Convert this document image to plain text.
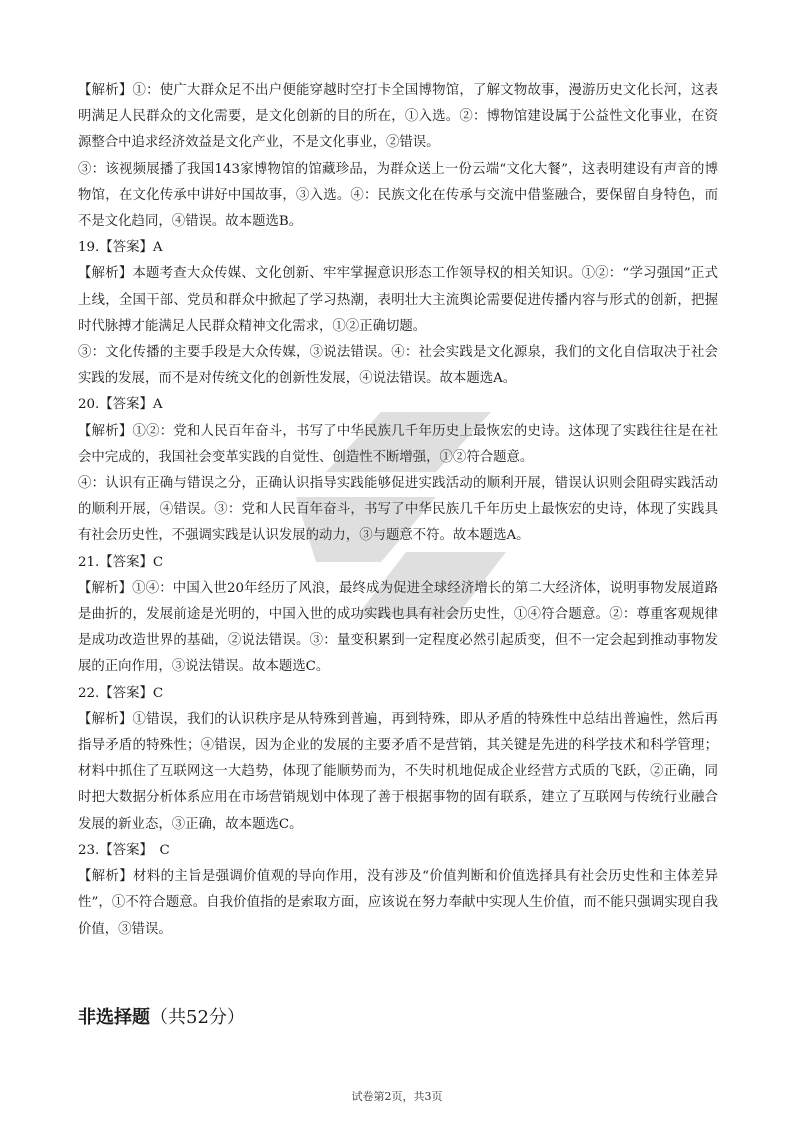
【解析】①：使广大群众足不出户便能穿越时空打卡全国博物馆，了解文物故事，漫游历史文化长河，这表明满足人民群众的文化需要，是文化创新的目的所在，①入选。②：博物馆建设属于公益性文化事业，在资源整合中追求经济效益是文化产业，不是文化事业，②错误。

③：该视频展播了我国143家博物馆的馆藏珍品，为群众送上一份云端“文化大餐”，这表明建设有声音的博物馆，在文化传承中讲好中国故事，③入选。④：民族文化在传承与交流中借鉴融合，要保留自身特色，而不是文化趋同，④错误。故本题选B。

19.【答案】A

【解析】本题考查大众传媒、文化创新、牢牢掌握意识形态工作领导权的相关知识。①②：“学习强国”正式上线，全国干部、党员和群众中掀起了学习热潮，表明壮大主流舆论需要促进传播内容与形式的创新，把握时代脉搏才能满足人民群众精神文化需求，①②正确切题。

③：文化传播的主要手段是大众传媒，③说法错误。④：社会实践是文化源泉，我们的文化自信取决于社会实践的发展，而不是对传统文化的创新性发展，④说法错误。故本题选A。

20.【答案】A

【解析】①②：党和人民百年奋斗，书写了中华民族几千年历史上最恢宏的史诗。这体现了实践往往是在社会中完成的，我国社会变革实践的自觉性、创造性不断增强，①②符合题意。

④：认识有正确与错误之分，正确认识指导实践能够促进实践活动的顺利开展，错误认识则会阻碍实践活动的顺利开展，④错误。③：党和人民百年奋斗，书写了中华民族几千年历史上最恢宏的史诗，体现了实践具有社会历史性，不强调实践是认识发展的动力，③与题意不符。故本题选A。

21.【答案】C

【解析】①④：中国入世20年经历了风浪，最终成为促进全球经济增长的第二大经济体，说明事物发展道路是曲折的，发展前途是光明的，中国入世的成功实践也具有社会历史性，①④符合题意。②：尊重客观规律是成功改造世界的基础，②说法错误。③：量变积累到一定程度必然引起质变，但不一定会起到推动事物发展的正向作用，③说法错误。故本题选C。

22.【答案】C

【解析】①错误，我们的认识秩序是从特殊到普遍，再到特殊，即从矛盾的特殊性中总结出普遍性，然后再指导矛盾的特殊性；④错误，因为企业的发展的主要矛盾不是营销，其关键是先进的科学技术和科学管理；材料中抓住了互联网这一大趋势，体现了能顺势而为，不失时机地促成企业经营方式质的飞跃，②正确，同时把大数据分析体系应用在市场营销规划中体现了善于根据事物的固有联系，建立了互联网与传统行业融合发展的新业态，③正确，故本题选C。

23.【答案】　C

【解析】材料的主旨是强调价值观的导向作用，没有涉及“价值判断和价值选择具有社会历史性和主体差异性”，①不符合题意。自我价值指的是索取方面，应该说在努力奉献中实现人生价值，而不能只强调实现自我价值，③错误。

非选择题（共52分）
试卷第2页，共3页
